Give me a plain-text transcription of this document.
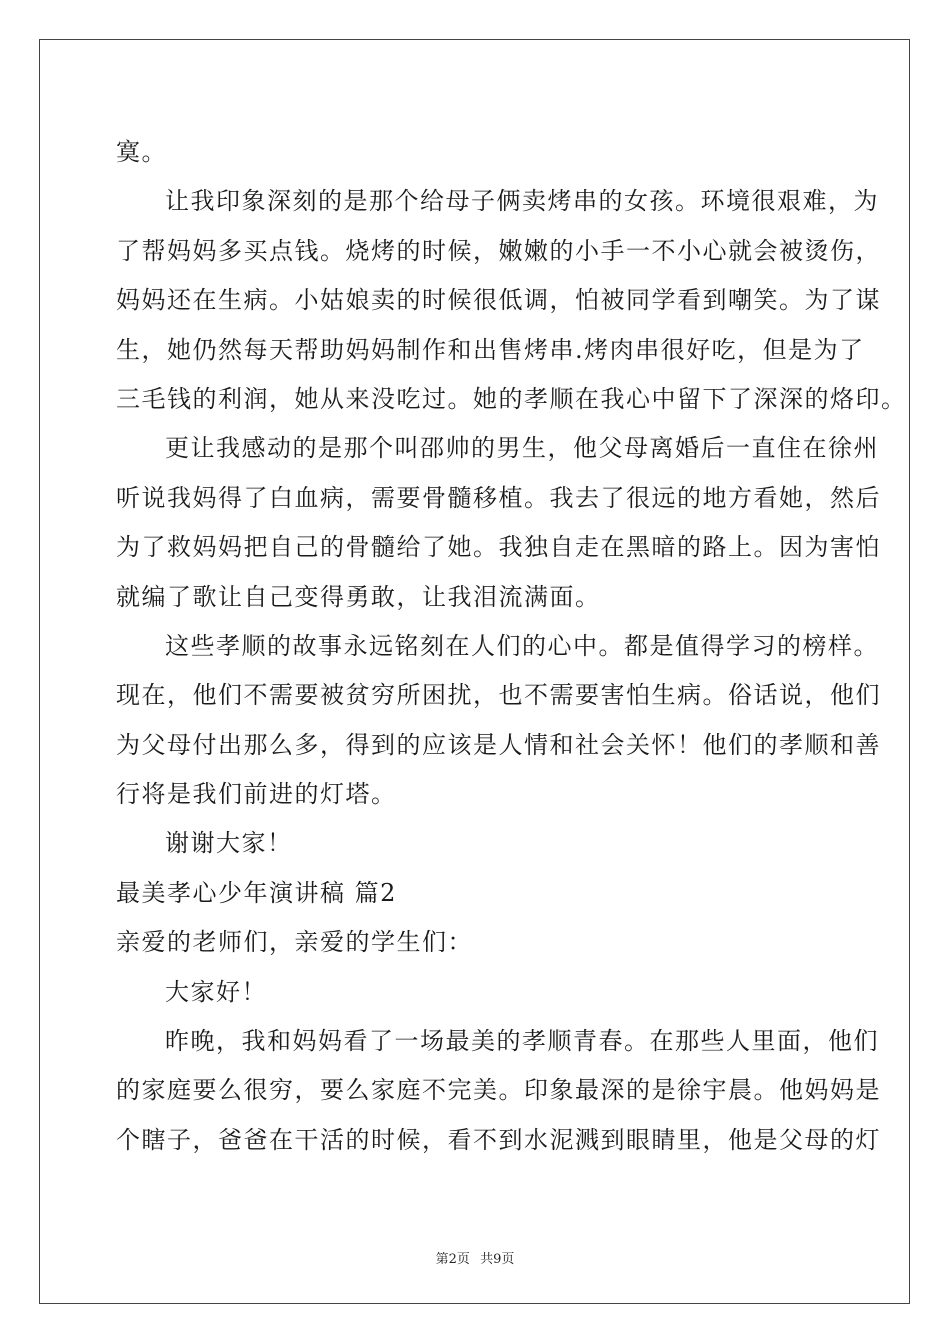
寞。
让我印象深刻的是那个给母子俩卖烤串的女孩。环境很艰难，为
了帮妈妈多买点钱。烧烤的时候，嫩嫩的小手一不小心就会被烫伤，
妈妈还在生病。小姑娘卖的时候很低调，怕被同学看到嘲笑。为了谋
生，她仍然每天帮助妈妈制作和出售烤串.烤肉串很好吃，但是为了
三毛钱的利润，她从来没吃过。她的孝顺在我心中留下了深深的烙印。
更让我感动的是那个叫邵帅的男生，他父母离婚后一直住在徐州
听说我妈得了白血病，需要骨髓移植。我去了很远的地方看她，然后
为了救妈妈把自己的骨髓给了她。我独自走在黑暗的路上。因为害怕
就编了歌让自己变得勇敢，让我泪流满面。
这些孝顺的故事永远铭刻在人们的心中。都是值得学习的榜样。
现在，他们不需要被贫穷所困扰，也不需要害怕生病。俗话说，他们
为父母付出那么多，得到的应该是人情和社会关怀！他们的孝顺和善
行将是我们前进的灯塔。
谢谢大家！
最美孝心少年演讲稿 篇2
亲爱的老师们，亲爱的学生们：
大家好！
昨晚，我和妈妈看了一场最美的孝顺青春。在那些人里面，他们
的家庭要么很穷，要么家庭不完美。印象最深的是徐宇晨。他妈妈是
个瞎子，爸爸在干活的时候，看不到水泥溅到眼睛里，他是父母的灯
第2页 共9页
